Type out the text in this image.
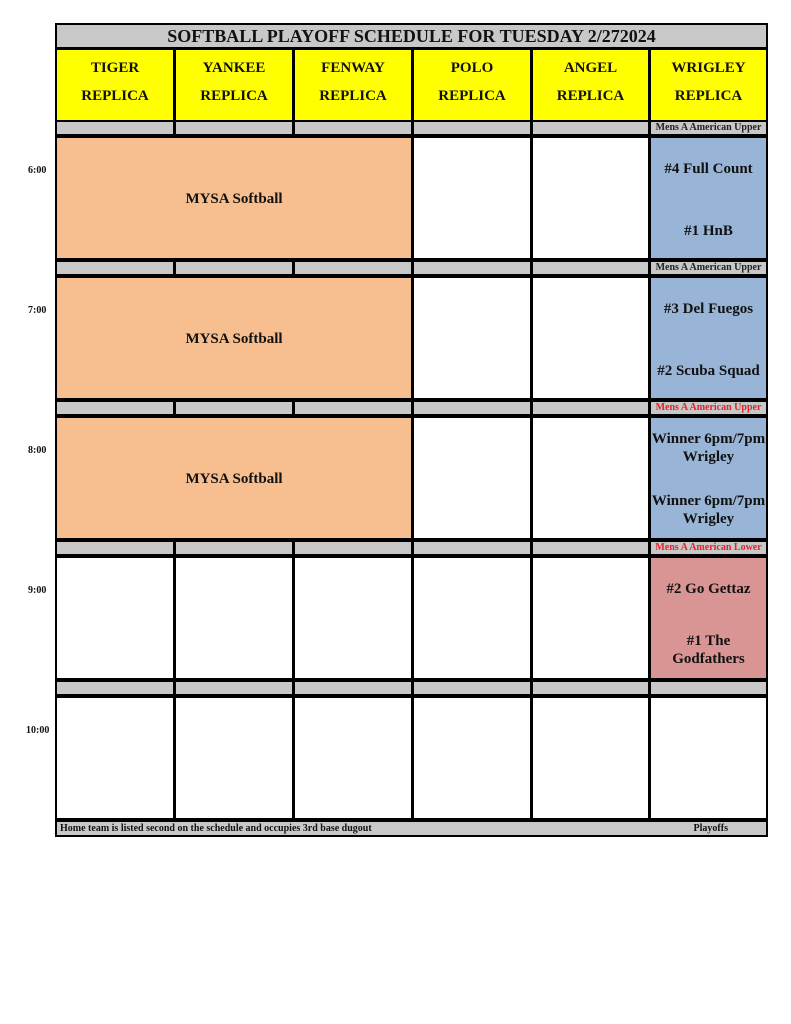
SOFTBALL PLAYOFF SCHEDULE FOR TUESDAY 2/272024
TIGER
REPLICA
YANKEE
REPLICA
FENWAY
REPLICA
POLO
REPLICA
ANGEL
REPLICA
WRIGLEY
REPLICA
Mens A American Upper
MYSA Softball
#4 Full Count
#1 HnB
Mens A American Upper
MYSA Softball
#3 Del Fuegos
#2 Scuba Squad
Mens A American Upper
MYSA Softball
Winner 6pm/7pm Wrigley
Winner 6pm/7pm Wrigley
Mens A American Lower
#2 Go Gettaz
#1 The Godfathers
Home team is listed second on the schedule and occupies 3rd base dugout	Playoffs
6:00
7:00
8:00
9:00
10:00
